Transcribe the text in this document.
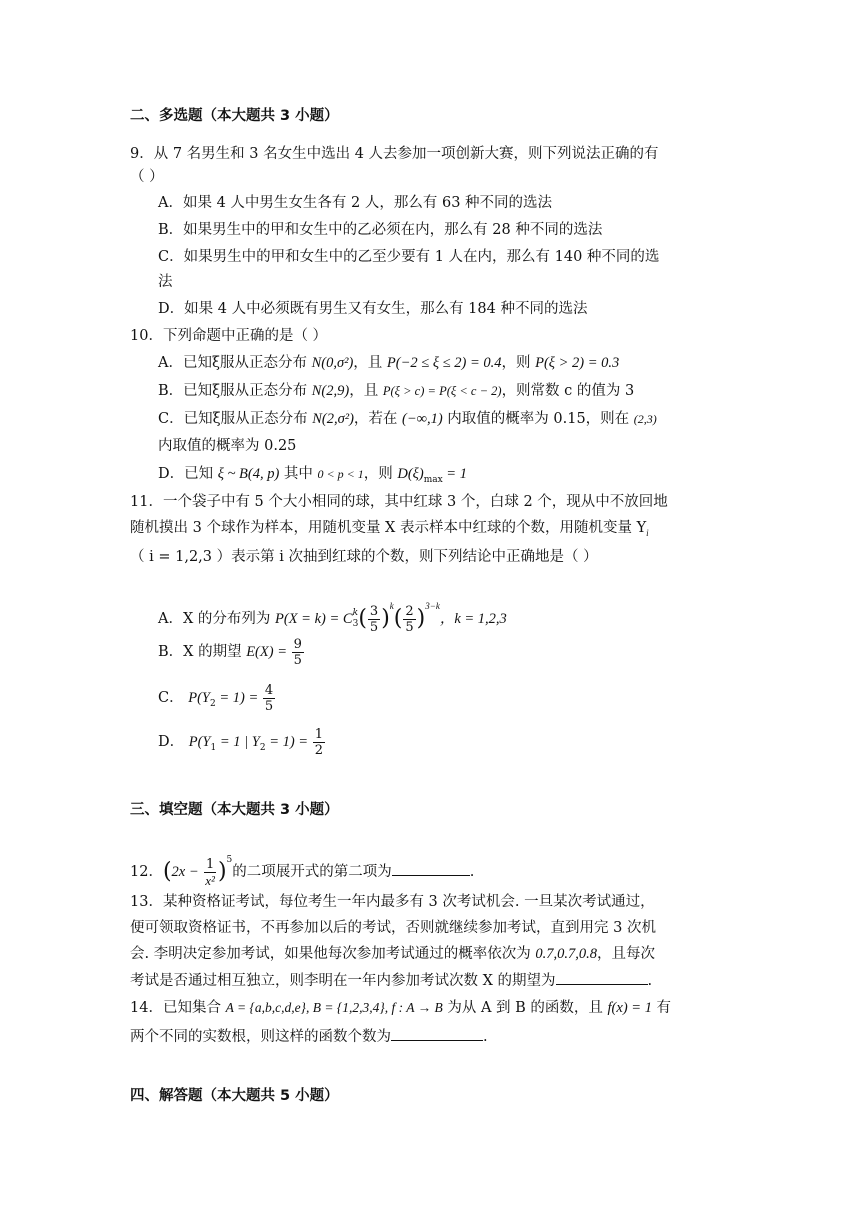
二、多选题（本大题共 3 小题）
9．从 7 名男生和 3 名女生中选出 4 人去参加一项创新大赛，则下列说法正确的有
（ ）
A．如果 4 人中男生女生各有 2 人，那么有 63 种不同的选法
B．如果男生中的甲和女生中的乙必须在内，那么有 28 种不同的选法
C．如果男生中的甲和女生中的乙至少要有 1 人在内，那么有 140 种不同的选
法
D．如果 4 人中必须既有男生又有女生，那么有 184 种不同的选法
10．下列命题中正确的是（ ）
A．已知ξ服从正态分布 N(0,σ²)，且 P(−2 ≤ ξ ≤ 2) = 0.4，则 P(ξ > 2) = 0.3
B．已知ξ服从正态分布 N(2,9)，且 P(ξ > c) = P(ξ < c − 2)，则常数 c 的值为 3
C．已知ξ服从正态分布 N(2,σ²)，若在 (−∞,1) 内取值的概率为 0.15，则在 (2,3)
内取值的概率为 0.25
D．已知 ξ ~ B(4, p) 其中 0 < p < 1，则 $D(\xi)_{max} = 1$
11．一个袋子中有 5 个大小相同的球，其中红球 3 个，白球 2 个，现从中不放回地
随机摸出 3 个球作为样本，用随机变量 X 表示样本中红球的个数，用随机变量 $Y_i$
（ i = 1,2,3 ）表示第 i 次抽到红球的个数，则下列结论中正确地是（ ）
A．X 的分布列为 P(X = k) = C k
3 ( $\frac{3}{5} )^k( \frac{2}{5} )^{3-k}$，k = 1,2,3
B．X 的期望 $E(X) = \frac{9}{5}$
C． $P(Y_2 = 1) = \frac{4}{5}$
D． $P(Y_1 = 1$ | $Y_2 = 1) = \frac{1}{2}$
三、填空题（本大题共 3 小题）
12．$(2x - \frac{1}{\text{x²}} )^5$的二项展开式的第二项为	.
13．某种资格证考试，每位考生一年内最多有 3 次考试机会. 一旦某次考试通过，
便可领取资格证书，不再参加以后的考试，否则就继续参加考试，直到用完 3 次机
会. 李明决定参加考试，如果他每次参加考试通过的概率依次为 0.7,0.7,0.8，且每次
考试是否通过相互独立，则李明在一年内参加考试次数 X 的期望为	.
14．已知集合 A = {a,b,c,d,e}, B = {1,2,3,4}, f : A → B 为从 A 到 B 的函数，且 f(x) = 1 有
两个不同的实数根，则这样的函数个数为	.
四、解答题（本大题共 5 小题）
